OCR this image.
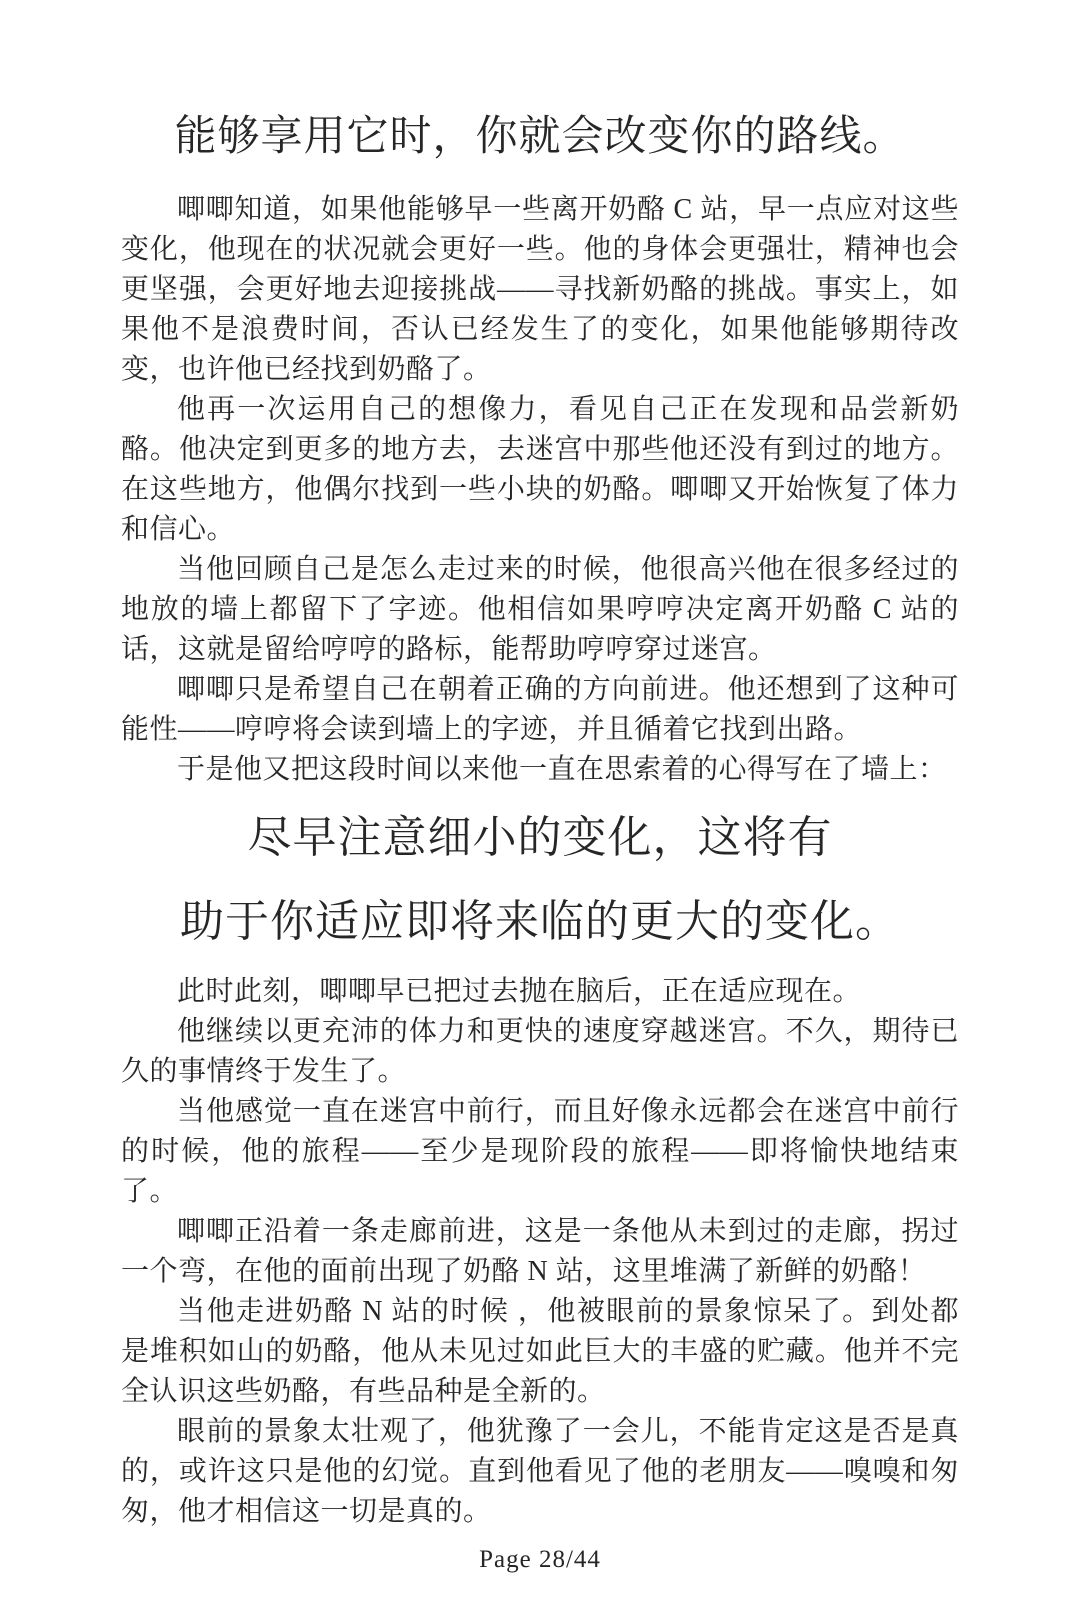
能够享用它时，你就会改变你的路线。

唧唧知道，如果他能够早一些离开奶酪 C 站，早一点应对这些变化，他现在的状况就会更好一些。他的身体会更强壮，精神也会更坚强，会更好地去迎接挑战——寻找新奶酪的挑战。事实上，如果他不是浪费时间，否认已经发生了的变化，如果他能够期待改变，也许他已经找到奶酪了。

他再一次运用自己的想像力，看见自己正在发现和品尝新奶酪。他决定到更多的地方去，去迷宫中那些他还没有到过的地方。在这些地方，他偶尔找到一些小块的奶酪。唧唧又开始恢复了体力和信心。

当他回顾自己是怎么走过来的时候，他很高兴他在很多经过的地放的墙上都留下了字迹。他相信如果哼哼决定离开奶酪 C 站的话，这就是留给哼哼的路标，能帮助哼哼穿过迷宫。

唧唧只是希望自己在朝着正确的方向前进。他还想到了这种可能性——哼哼将会读到墙上的字迹，并且循着它找到出路。

于是他又把这段时间以来他一直在思索着的心得写在了墙上：

尽早注意细小的变化，这将有
助于你适应即将来临的更大的变化。

此时此刻，唧唧早已把过去抛在脑后，正在适应现在。

他继续以更充沛的体力和更快的速度穿越迷宫。不久，期待已久的事情终于发生了。

当他感觉一直在迷宫中前行，而且好像永远都会在迷宫中前行的时候，他的旅程——至少是现阶段的旅程——即将愉快地结束了。

唧唧正沿着一条走廊前进，这是一条他从未到过的走廊，拐过一个弯，在他的面前出现了奶酪 N 站，这里堆满了新鲜的奶酪！

当他走进奶酪 N 站的时候 ，他被眼前的景象惊呆了。到处都是堆积如山的奶酪，他从未见过如此巨大的丰盛的贮藏。他并不完全认识这些奶酪，有些品种是全新的。

眼前的景象太壮观了，他犹豫了一会儿，不能肯定这是否是真的，或许这只是他的幻觉。直到他看见了他的老朋友——嗅嗅和匆匆，他才相信这一切是真的。

Page 28/44
